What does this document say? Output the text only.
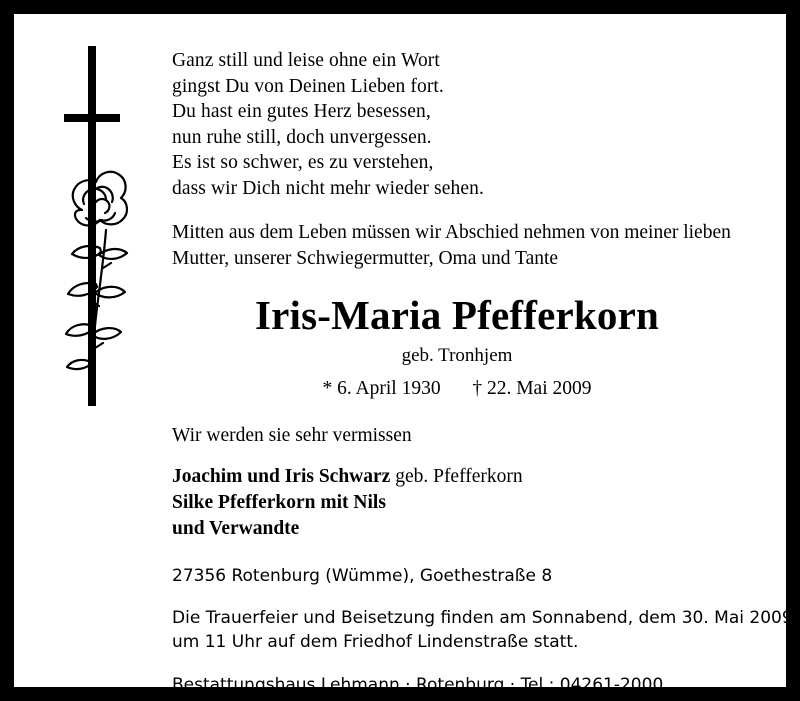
Ganz still und leise ohne ein Wort
gingst Du von Deinen Lieben fort.
Du hast ein gutes Herz besessen,
nun ruhe still, doch unvergessen.
Es ist so schwer, es zu verstehen,
dass wir Dich nicht mehr wieder sehen.
Mitten aus dem Leben müssen wir Abschied nehmen von meiner lieben
Mutter, unserer Schwiegermutter, Oma und Tante
Iris-Maria Pfefferkorn
geb. Tronhjem
* 6. April 1930 † 22. Mai 2009
Wir werden sie sehr vermissen
Joachim und Iris Schwarz geb. Pfefferkorn
Silke Pfefferkorn mit Nils
und Verwandte
27356 Rotenburg (Wümme), Goethestraße 8
Die Trauerfeier und Beisetzung finden am Sonnabend, dem 30. Mai 2009,
um 11 Uhr auf dem Friedhof Lindenstraße statt.
Bestattungshaus Lehmann · Rotenburg · Tel.: 04261-2000
